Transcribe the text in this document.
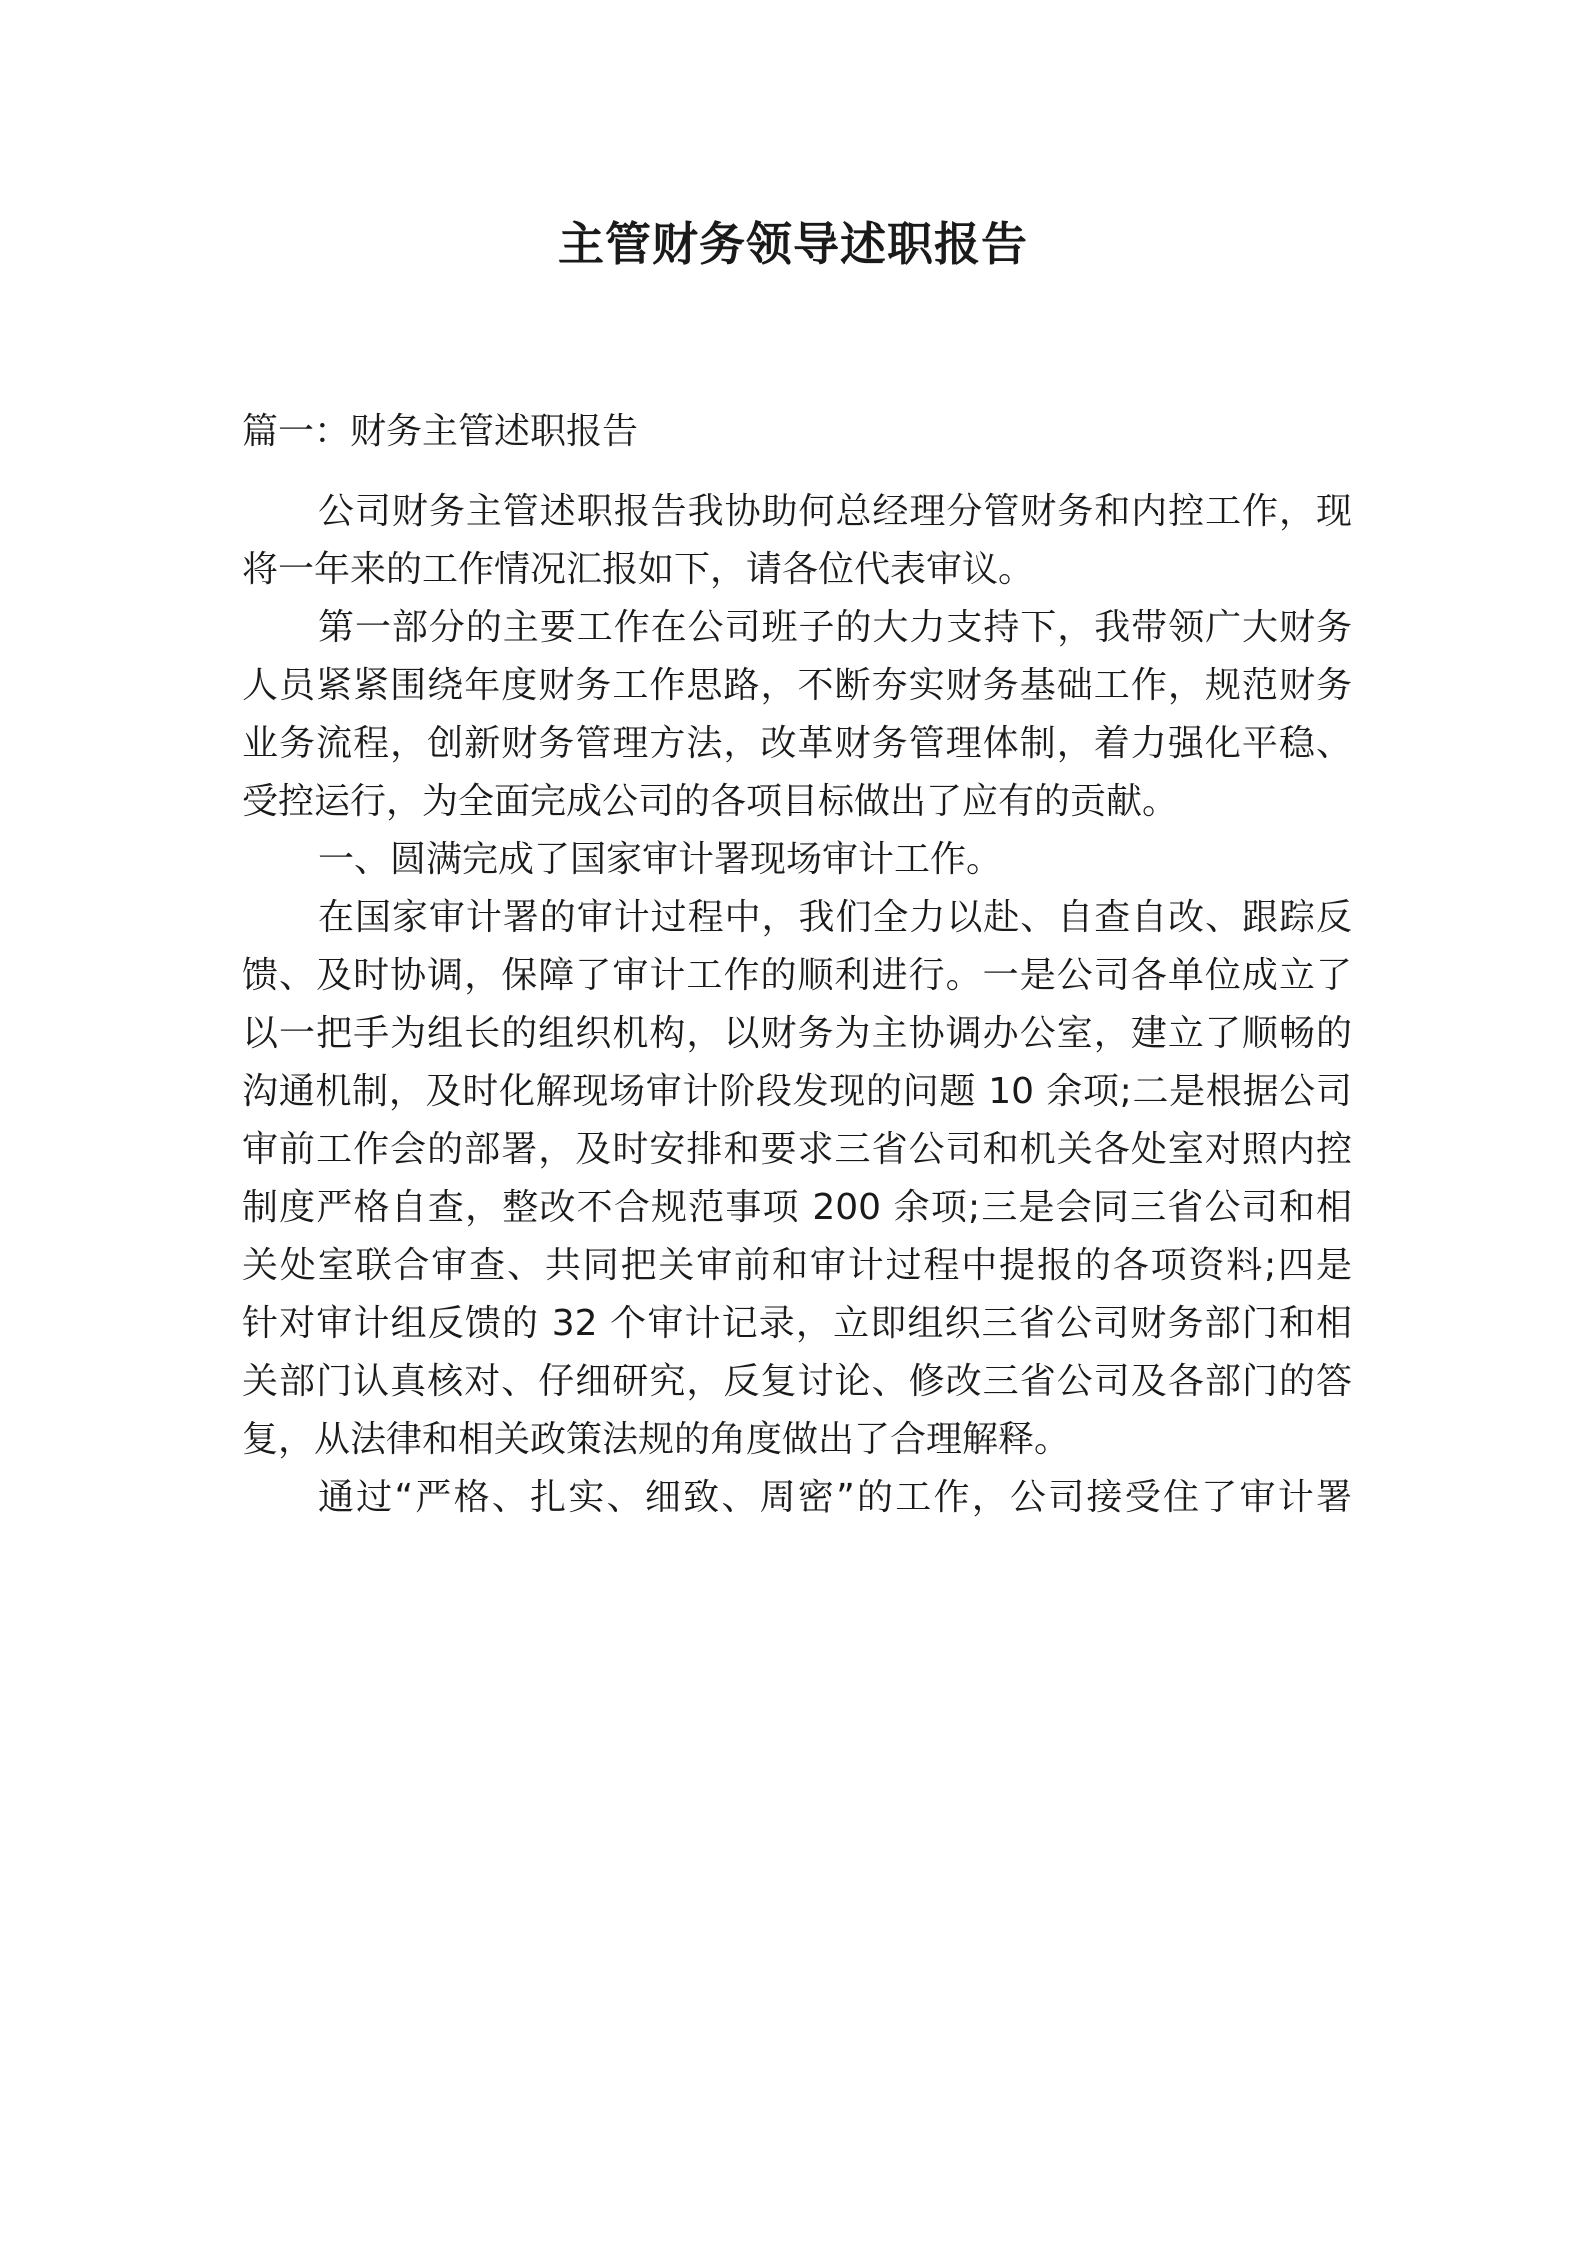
主管财务领导述职报告
篇一：财务主管述职报告
公司财务主管述职报告我协助何总经理分管财务和内控工作，现
将一年来的工作情况汇报如下，请各位代表审议。
第一部分的主要工作在公司班子的大力支持下，我带领广大财务
人员紧紧围绕年度财务工作思路，不断夯实财务基础工作，规范财务
业务流程，创新财务管理方法，改革财务管理体制，着力强化平稳、
受控运行，为全面完成公司的各项目标做出了应有的贡献。
一、圆满完成了国家审计署现场审计工作。
在国家审计署的审计过程中，我们全力以赴、自查自改、跟踪反
馈、及时协调，保障了审计工作的顺利进行。一是公司各单位成立了
以一把手为组长的组织机构，以财务为主协调办公室，建立了顺畅的
沟通机制，及时化解现场审计阶段发现的问题 10 余项;二是根据公司
审前工作会的部署，及时安排和要求三省公司和机关各处室对照内控
制度严格自查，整改不合规范事项 200 余项;三是会同三省公司和相
关处室联合审查、共同把关审前和审计过程中提报的各项资料;四是
针对审计组反馈的 32 个审计记录，立即组织三省公司财务部门和相
关部门认真核对、仔细研究，反复讨论、修改三省公司及各部门的答
复，从法律和相关政策法规的角度做出了合理解释。
通过“严格、扎实、细致、周密”的工作，公司接受住了审计署
